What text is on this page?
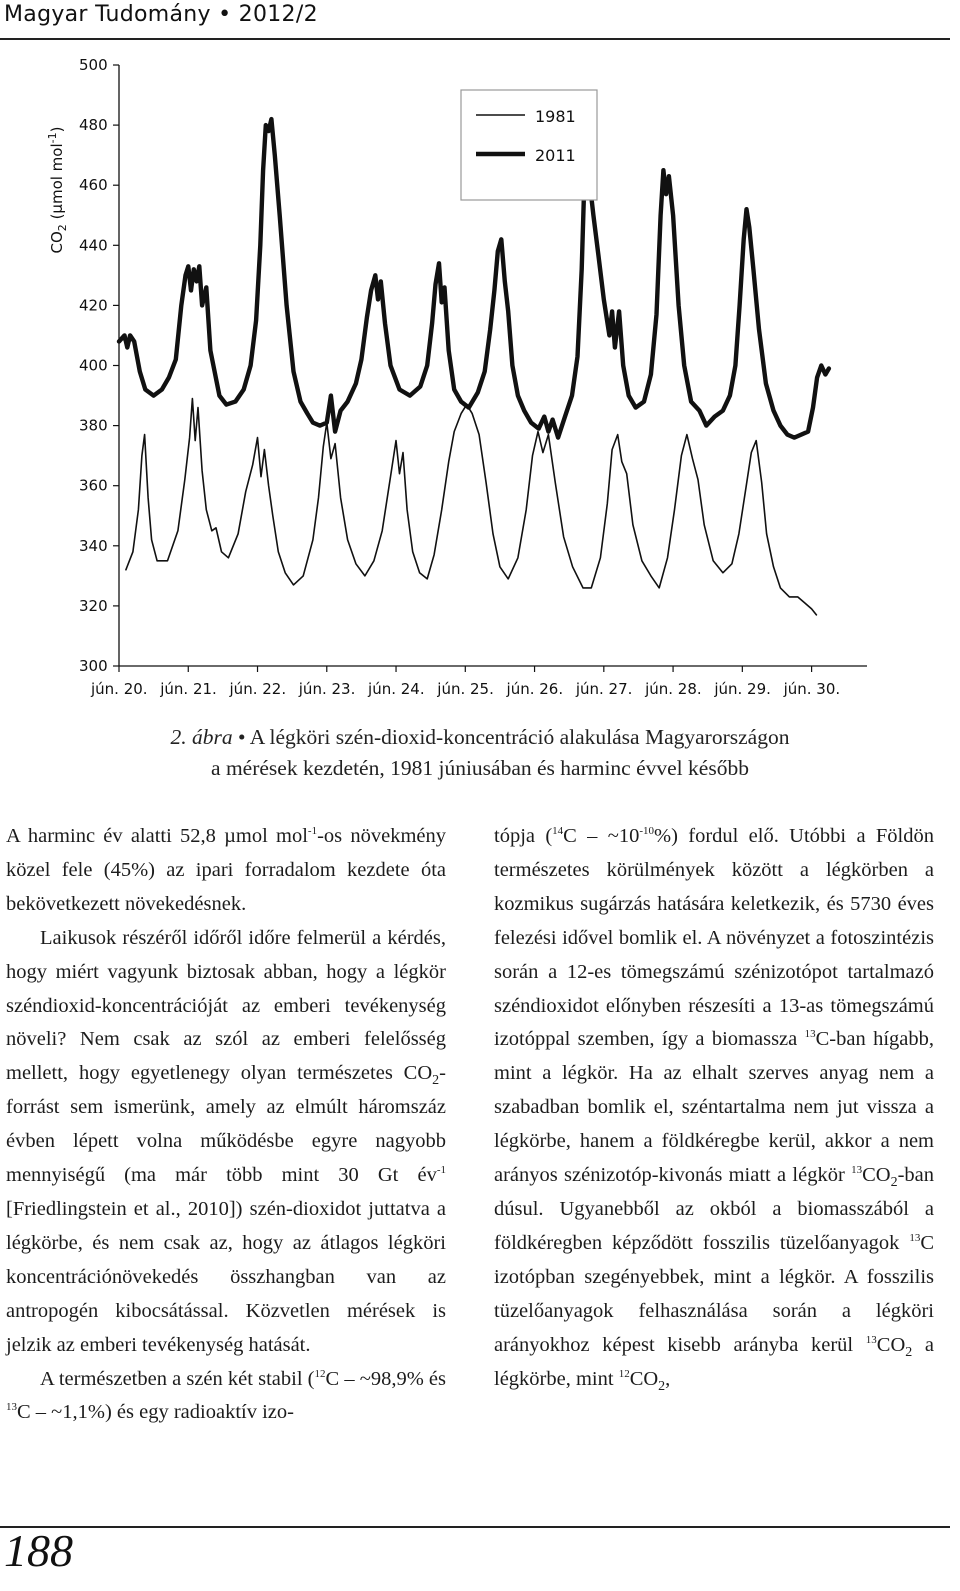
Magyar Tudomány • 2012/2
300
320
340
360
380
400
420
440
460
480
500
jún. 20. jún. 21. jún. 22. jún. 23. jún. 24. jún. 25. jún. 26. jún. 27. jún. 28. jún. 29. jún. 30.
1981
2011
$CO_2$ (µmol mol$^{-1}$)
2. ábra • A légköri szén-dioxid-koncentráció alakulása Magyarországon
a mérések kezdetén, 1981 júniusában és harminc évvel később

A harminc év alatti 52,8 µmol mol$^{-1}$-os növekmény közel fele (45%) az ipari forradalom kezdete óta bekövetkezett növekedésnek.

Laikusok részéről időről időre felmerül a kérdés, hogy miért vagyunk biztosak abban, hogy a légkör széndioxid-koncentrációját az emberi tevékenység növeli? Nem csak az szól az emberi felelősség mellett, hogy egyetlenegy olyan természetes $CO_2$-forrást sem ismerünk, amely az elmúlt háromszáz évben lépett volna működésbe egyre nagyobb mennyiségű (ma már több mint 30 Gt $év^{-1}$ [Friedlingstein et al., 2010]) szén-dioxidot juttatva a légkörbe, és nem csak az, hogy az átlagos légköri koncentrációnövekedés összhangban van az antropogén kibocsátással. Közvetlen mérések is jelzik az emberi tevékenység hatását.

A természetben a szén két stabil ($^{12}$C – ~98,9% és $^{13}$C – ~1,1%) és egy radioaktív izo-

tópja $(^{14}C - \sim 10^{-10}\%)$ fordul elő. Utóbbi a Földön természetes körülmények között a légkörben a kozmikus sugárzás hatására keletkezik, és 5730 éves felezési idővel bomlik el. A növényzet a fotoszintézis során a 12-es tömegszámú szénizotópot tartalmazó széndioxidot előnyben részesíti a 13-as tömegszámú izotóppal szemben, így a biomassza $^{13}$C-ban hígabb, mint a légkör. Ha az elhalt szerves anyag nem a szabadban bomlik el, széntartalma nem jut vissza a légkörbe, hanem a földkéregbe kerül, akkor a nem arányos szénizotóp-kivonás miatt a légkör $^{13}CO_2$-ban dúsul. Ugyanebből az okból a biomasszából a földkéregben képződött fosszilis tüzelőanyagok $^{13}$C izotópban szegényebbek, mint a légkör. A fosszilis tüzelőanyagok felhasználása során a légköri arányokhoz képest kisebb arányba kerül $^{13}CO_2$ a légkörbe, mint $^{12}CO_2$,

188
